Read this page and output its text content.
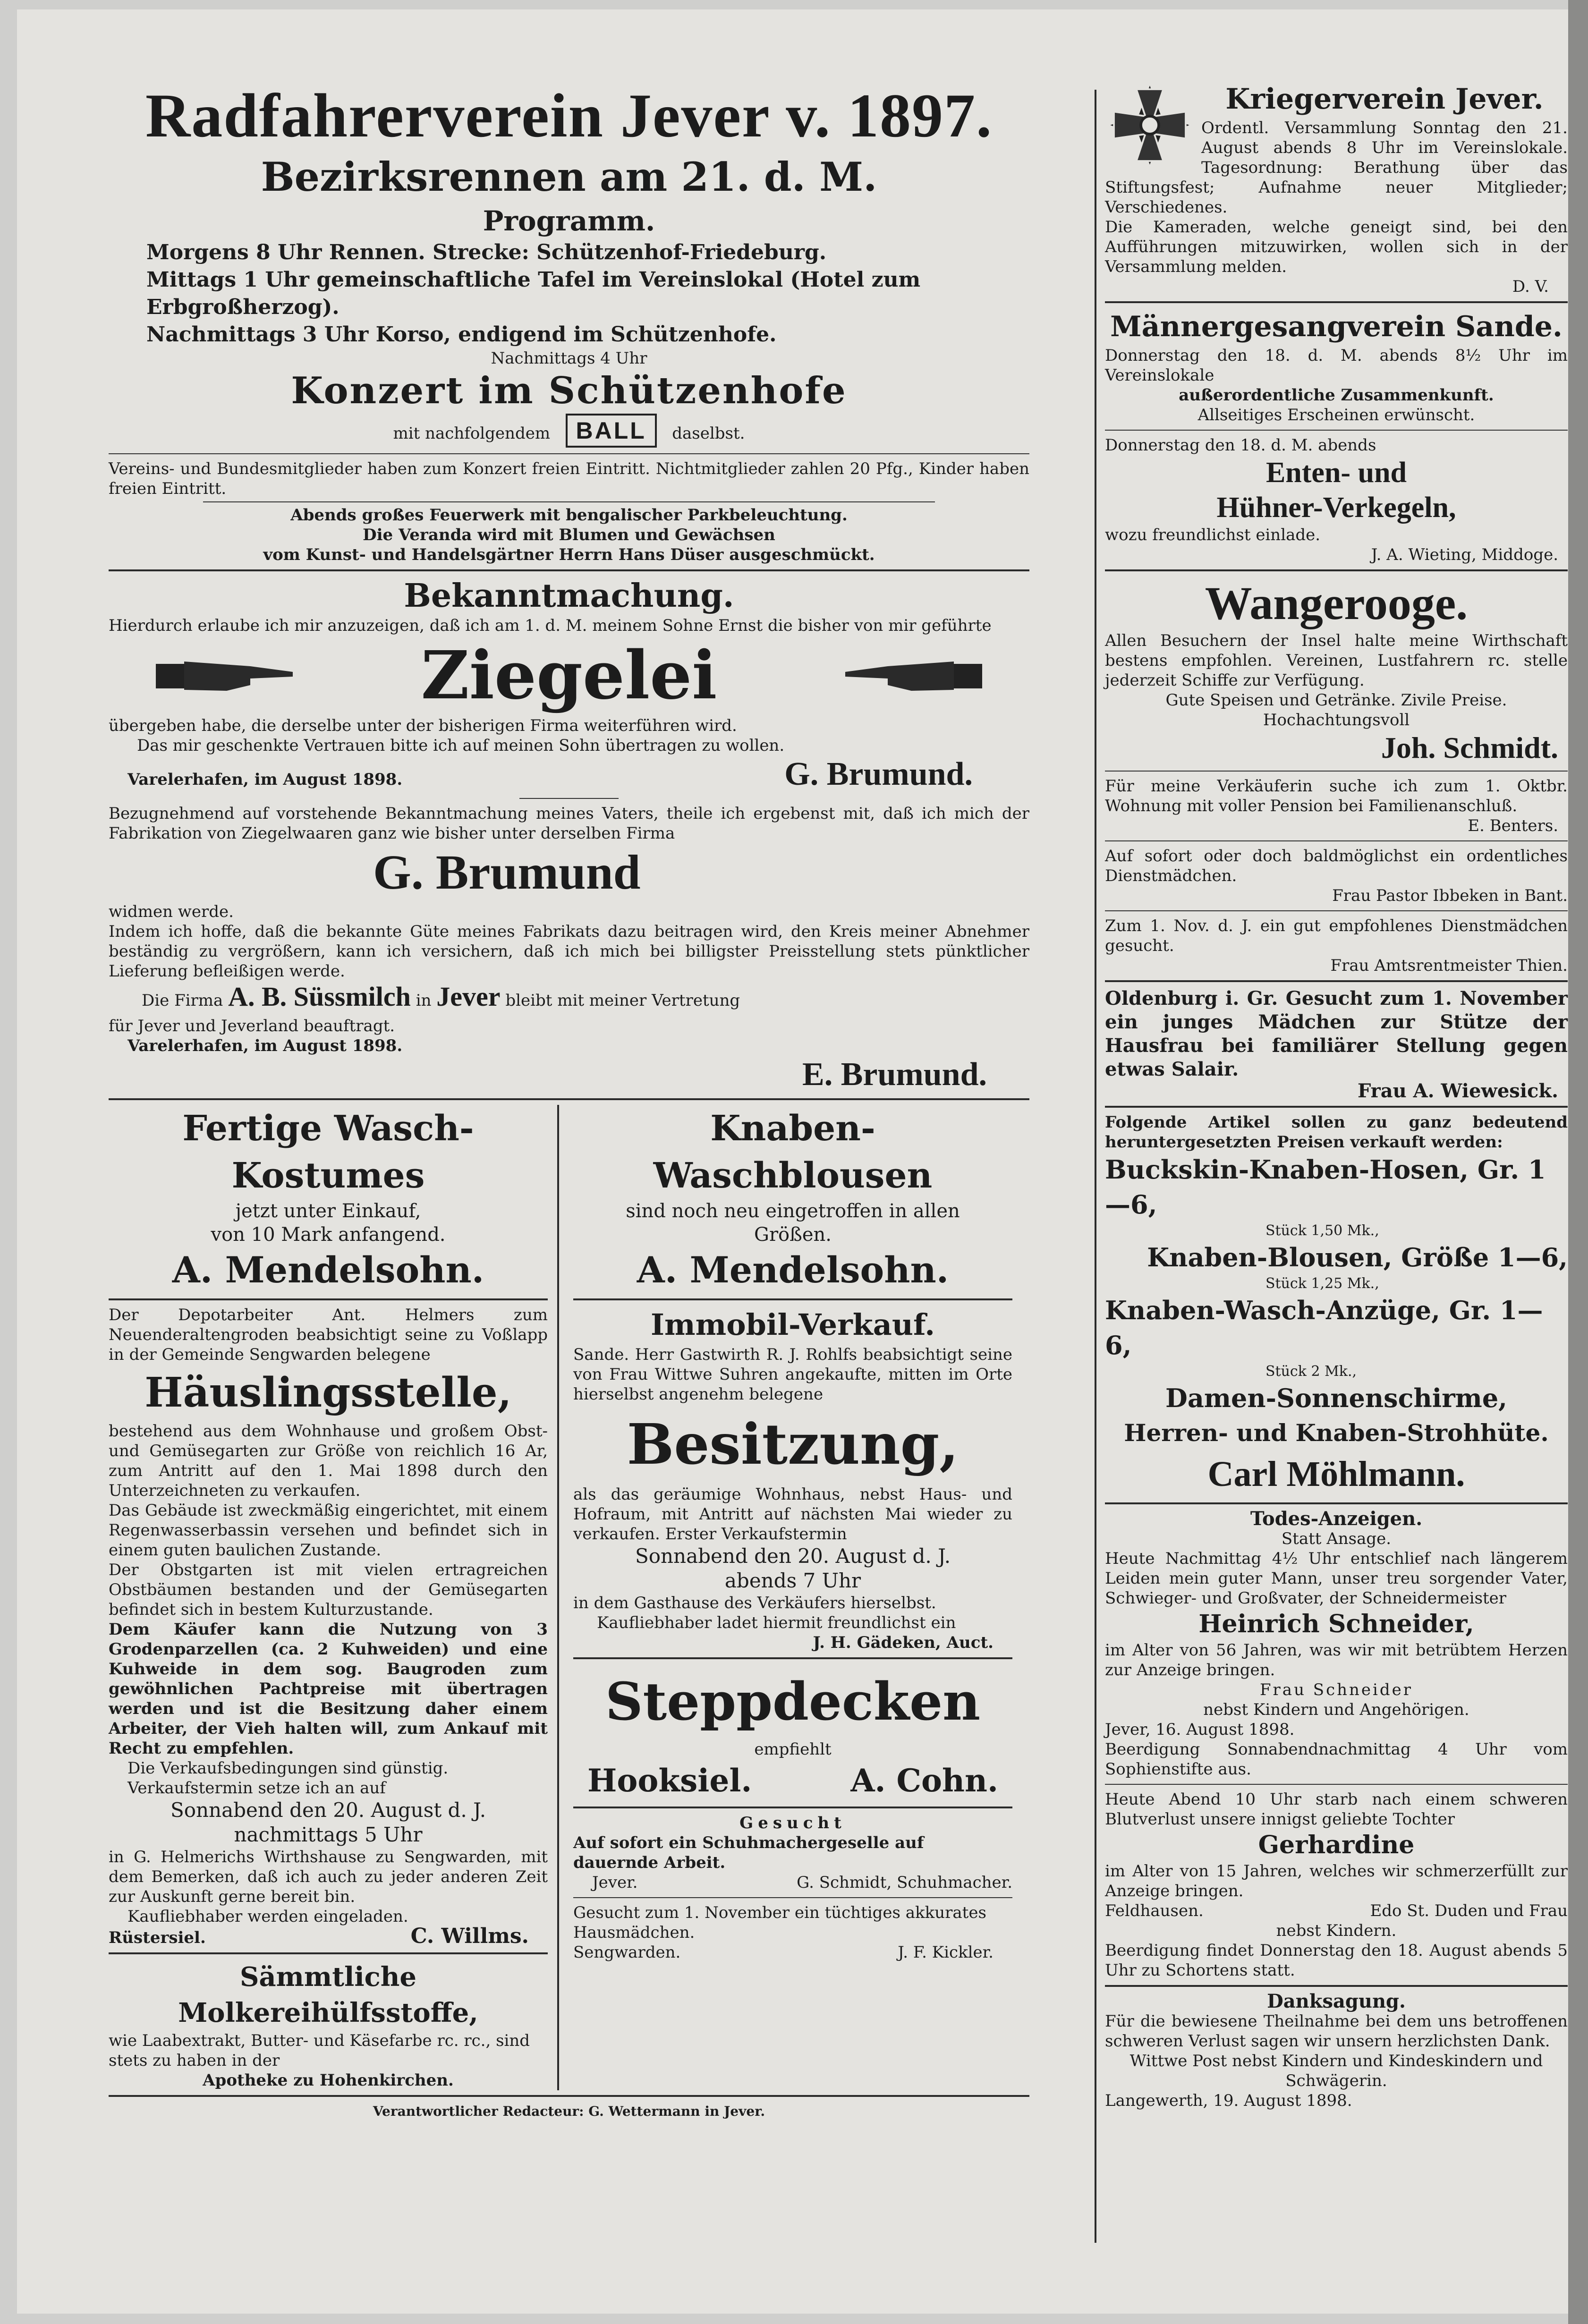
Radfahrerverein Jever v. 1897.
Bezirksrennen am 21. d. M.
Programm.

Morgens 8 Uhr Rennen. Strecke: Schützenhof-Friedeburg.

Mittags 1 Uhr gemeinschaftliche Tafel im Vereinslokal (Hotel zum Erbgroßherzog).

Nachmittags 3 Uhr Korso, endigend im Schützenhofe.

Nachmittags 4 Uhr
Konzert im Schützenhofe
mit nachfolgendem BALL daselbst.

Vereins- und Bundesmitglieder haben zum Konzert freien Eintritt. Nichtmitglieder zahlen 20 Pfg., Kinder haben freien Eintritt.

Abends großes Feuerwerk mit bengalischer Parkbeleuchtung.

Die Veranda wird mit Blumen und Gewächsen

vom Kunst- und Handelsgärtner Herrn Hans Düser ausgeschmückt.

Bekanntmachung.

Hierdurch erlaube ich mir anzuzeigen, daß ich am 1. d. M. meinem Sohne Ernst die bisher von mir geführte

Ziegelei

übergeben habe, die derselbe unter der bisherigen Firma weiterführen wird.

Das mir geschenkte Vertrauen bitte ich auf meinen Sohn übertragen zu wollen.

Varelerhafen, im August 1898.	G. Brumund.

Bezugnehmend auf vorstehende Bekanntmachung meines Vaters, theile ich ergebenst mit, daß ich mich der Fabrikation von Ziegelwaaren ganz wie bisher unter derselben Firma

G. Brumund

widmen werde.

Indem ich hoffe, daß die bekannte Güte meines Fabrikats dazu beitragen wird, den Kreis meiner Abnehmer beständig zu vergrößern, kann ich versichern, daß ich mich bei billigster Preisstellung stets pünktlicher Lieferung befleißigen werde.

Die Firma A. B. Süssmilch in Jever bleibt mit meiner Vertretung

für Jever und Jeverland beauftragt.

Varelerhafen, im August 1898.
E. Brumund.
Fertige Wasch-Kostumes

jetzt unter Einkauf,

von 10 Mark anfangend.

A. Mendelsohn.

Der Depotarbeiter Ant. Helmers zum Neuenderaltengroden beabsichtigt seine zu Voßlapp in der Gemeinde Sengwarden belegene

Häuslingsstelle,

bestehend aus dem Wohnhause und großem Obst- und Gemüsegarten zur Größe von reichlich 16 Ar, zum Antritt auf den 1. Mai 1898 durch den Unterzeichneten zu verkaufen.

Das Gebäude ist zweckmäßig eingerichtet, mit einem Regenwasserbassin versehen und befindet sich in einem guten baulichen Zustande.

Der Obstgarten ist mit vielen ertragreichen Obstbäumen bestanden und der Gemüsegarten befindet sich in bestem Kulturzustande.

Dem Käufer kann die Nutzung von 3 Grodenparzellen (ca. 2 Kuhweiden) und eine Kuhweide in dem sog. Baugroden zum gewöhnlichen Pachtpreise mit übertragen werden und ist die Besitzung daher einem Arbeiter, der Vieh halten will, zum Ankauf mit Recht zu empfehlen.

Die Verkaufsbedingungen sind günstig.

Verkaufstermin setze ich an auf

Sonnabend den 20. August d. J.

nachmittags 5 Uhr

in G. Helmerichs Wirthshause zu Sengwarden, mit dem Bemerken, daß ich auch zu jeder anderen Zeit zur Auskunft gerne bereit bin.

Kaufliebhaber werden eingeladen.

Rüstersiel.	C. Willms.
Sämmtliche Molkereihülfsstoffe,

wie Laabextrakt, Butter- und Käsefarbe rc. rc., sind stets zu haben in der

Apotheke zu Hohenkirchen.

Knaben-Waschblousen

sind noch neu eingetroffen in allen

Größen.

A. Mendelsohn.
Immobil-Verkauf.

Sande. Herr Gastwirth R. J. Rohlfs beabsichtigt seine von Frau Wittwe Suhren angekaufte, mitten im Orte hierselbst angenehm belegene

Besitzung,

als das geräumige Wohnhaus, nebst Haus- und Hofraum, mit Antritt auf nächsten Mai wieder zu verkaufen. Erster Verkaufstermin

Sonnabend den 20. August d. J.

abends 7 Uhr

in dem Gasthause des Verkäufers hierselbst.

Kaufliebhaber ladet hiermit freundlichst ein

J. H. Gädeken, Auct.

Steppdecken

empfiehlt

Hooksiel.	A. Cohn.

Gesucht

Auf sofort ein Schuhmachergeselle auf dauernde Arbeit.

Jever.	G. Schmidt, Schuhmacher.

Gesucht zum 1. November ein tüchtiges akkurates Hausmädchen.

Sengwarden.	J. F. Kickler.

Verantwortlicher Redacteur: G. Wettermann in Jever.

Kriegerverein Jever.

Ordentl. Versammlung Sonntag den 21. August abends 8 Uhr im Vereinslokale. Tagesordnung: Berathung über das Stiftungsfest; Aufnahme neuer Mitglieder; Verschiedenes.

Die Kameraden, welche geneigt sind, bei den Aufführungen mitzuwirken, wollen sich in der Versammlung melden.

D. V.

Männergesangverein Sande.

Donnerstag den 18. d. M. abends 8½ Uhr im Vereinslokale

außerordentliche Zusammenkunft.

Allseitiges Erscheinen erwünscht.

Donnerstag den 18. d. M. abends

Enten- und
Hühner-Verkegeln,

wozu freundlichst einlade.

J. A. Wieting, Middoge.

Wangerooge.

Allen Besuchern der Insel halte meine Wirthschaft bestens empfohlen. Vereinen, Lustfahrern rc. stelle jederzeit Schiffe zur Verfügung.

Gute Speisen und Getränke. Zivile Preise.

Hochachtungsvoll

Joh. Schmidt.

Für meine Verkäuferin suche ich zum 1. Oktbr. Wohnung mit voller Pension bei Familienanschluß.

E. Benters.

Auf sofort oder doch baldmöglichst ein ordentliches Dienstmädchen.

Frau Pastor Ibbeken in Bant.

Zum 1. Nov. d. J. ein gut empfohlenes Dienstmädchen gesucht.

Frau Amtsrentmeister Thien.

Oldenburg i. Gr. Gesucht zum 1. November ein junges Mädchen zur Stütze der Hausfrau bei familiärer Stellung gegen etwas Salair.

Frau A. Wiewesick.

Folgende Artikel sollen zu ganz bedeutend heruntergesetzten Preisen verkauft werden:

Buckskin-Knaben-Hosen, Gr. 1—6,

Stück 1,50 Mk.,

Knaben-Blousen, Größe 1—6,

Stück 1,25 Mk.,

Knaben-Wasch-Anzüge, Gr. 1—6,

Stück 2 Mk.,

Damen-Sonnenschirme,
Herren- und Knaben-Strohhüte.
Carl Möhlmann.

Todes-Anzeigen.

Statt Ansage.

Heute Nachmittag 4½ Uhr entschlief nach längerem Leiden mein guter Mann, unser treu sorgender Vater, Schwieger- und Großvater, der Schneidermeister

Heinrich Schneider,

im Alter von 56 Jahren, was wir mit betrübtem Herzen zur Anzeige bringen.

Frau Schneider

nebst Kindern und Angehörigen.

Jever, 16. August 1898.

Beerdigung Sonnabendnachmittag 4 Uhr vom Sophienstifte aus.

Heute Abend 10 Uhr starb nach einem schweren Blutverlust unsere innigst geliebte Tochter

Gerhardine

im Alter von 15 Jahren, welches wir schmerzerfüllt zur Anzeige bringen.

Feldhausen.	Edo St. Duden und Frau

nebst Kindern.

Beerdigung findet Donnerstag den 18. August abends 5 Uhr zu Schortens statt.

Danksagung.

Für die bewiesene Theilnahme bei dem uns betroffenen schweren Verlust sagen wir unsern herzlichsten Dank.

Wittwe Post nebst Kindern und Kindeskindern und Schwägerin.

Langewerth, 19. August 1898.
